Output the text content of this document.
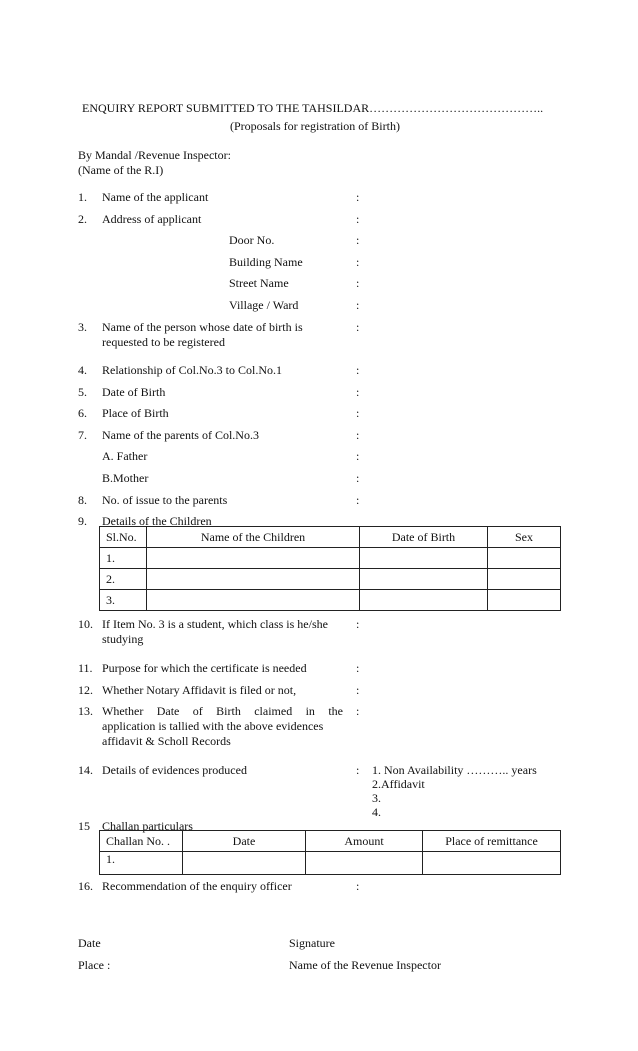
ENQUIRY REPORT SUBMITTED TO THE TAHSILDAR……………………………………..
(Proposals for registration of Birth)
By Mandal /Revenue Inspector:
(Name of the R.I)
1. Name of the applicant	:
2. Address of applicant	:
Door No.	:
Building Name	:
Street Name	:
Village / Ward	:
3. Name of the person whose date of birth is
requested to be registered
:
4. Relationship of Col.No.3 to Col.No.1	:
5. Date of Birth	:
6. Place of Birth	:
7. Name of the parents of Col.No.3	:
A. Father	:
B.Mother	:
8. No. of issue to the parents	:
9. Details of the Children
Sl.No.	Name of the Children	Date of Birth	Sex
1.			
2.			
3.			
10. If Item No. 3 is a student, which class is he/she
studying
:
11. Purpose for which the certificate is needed	:
12. Whether Notary Affidavit is filed or not,	:
13. Whether Date of Birth claimed in the
application is tallied with the above evidences
affidavit & Scholl Records
:
14. Details of evidences produced	: 1. Non Availability ……….. years
2.Affidavit
3.
4.
15 Challan particulars
Challan No. .	Date	Amount	Place of remittance
1.			
16. Recommendation of the enquiry officer	:
Date	Signature
Place :	Name of the Revenue Inspector
